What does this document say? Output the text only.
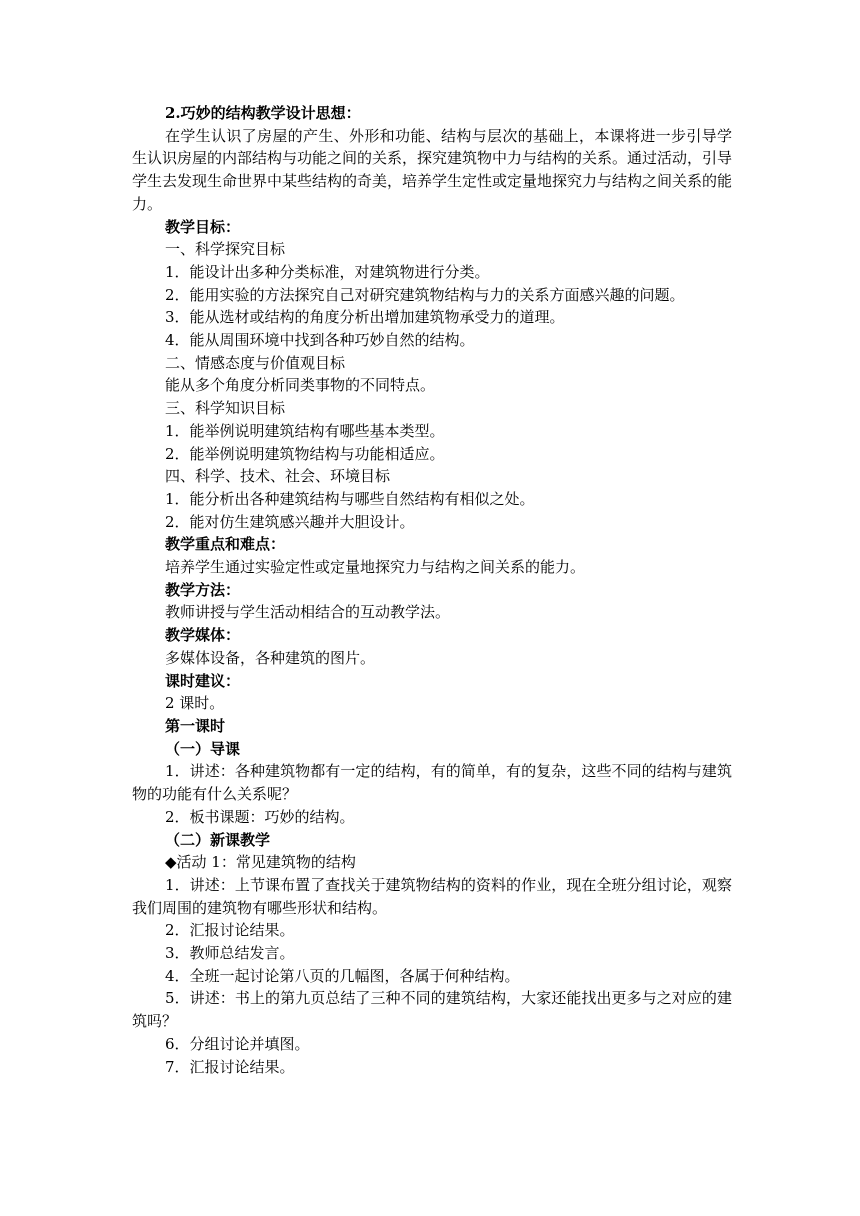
2.巧妙的结构教学设计思想：
在学生认识了房屋的产生、外形和功能、结构与层次的基础上，本课将进一步引导学生认识房屋的内部结构与功能之间的关系，探究建筑物中力与结构的关系。通过活动，引导学生去发现生命世界中某些结构的奇美，培养学生定性或定量地探究力与结构之间关系的能力。
教学目标：
一、科学探究目标
1．能设计出多种分类标准，对建筑物进行分类。
2．能用实验的方法探究自己对研究建筑物结构与力的关系方面感兴趣的问题。
3．能从选材或结构的角度分析出增加建筑物承受力的道理。
4．能从周围环境中找到各种巧妙自然的结构。
二、情感态度与价值观目标
能从多个角度分析同类事物的不同特点。
三、科学知识目标
1．能举例说明建筑结构有哪些基本类型。
2．能举例说明建筑物结构与功能相适应。
四、科学、技术、社会、环境目标
1．能分析出各种建筑结构与哪些自然结构有相似之处。
2．能对仿生建筑感兴趣并大胆设计。
教学重点和难点：
培养学生通过实验定性或定量地探究力与结构之间关系的能力。
教学方法：
教师讲授与学生活动相结合的互动教学法。
教学媒体：
多媒体设备，各种建筑的图片。
课时建议：
2 课时。
第一课时
（一）导课
1．讲述：各种建筑物都有一定的结构，有的简单，有的复杂，这些不同的结构与建筑物的功能有什么关系呢？
2．板书课题：巧妙的结构。
（二）新课教学
◆活动 1：常见建筑物的结构
1．讲述：上节课布置了查找关于建筑物结构的资料的作业，现在全班分组讨论，观察我们周围的建筑物有哪些形状和结构。
2．汇报讨论结果。
3．教师总结发言。
4．全班一起讨论第八页的几幅图，各属于何种结构。
5．讲述：书上的第九页总结了三种不同的建筑结构，大家还能找出更多与之对应的建筑吗？
6．分组讨论并填图。
7．汇报讨论结果。
